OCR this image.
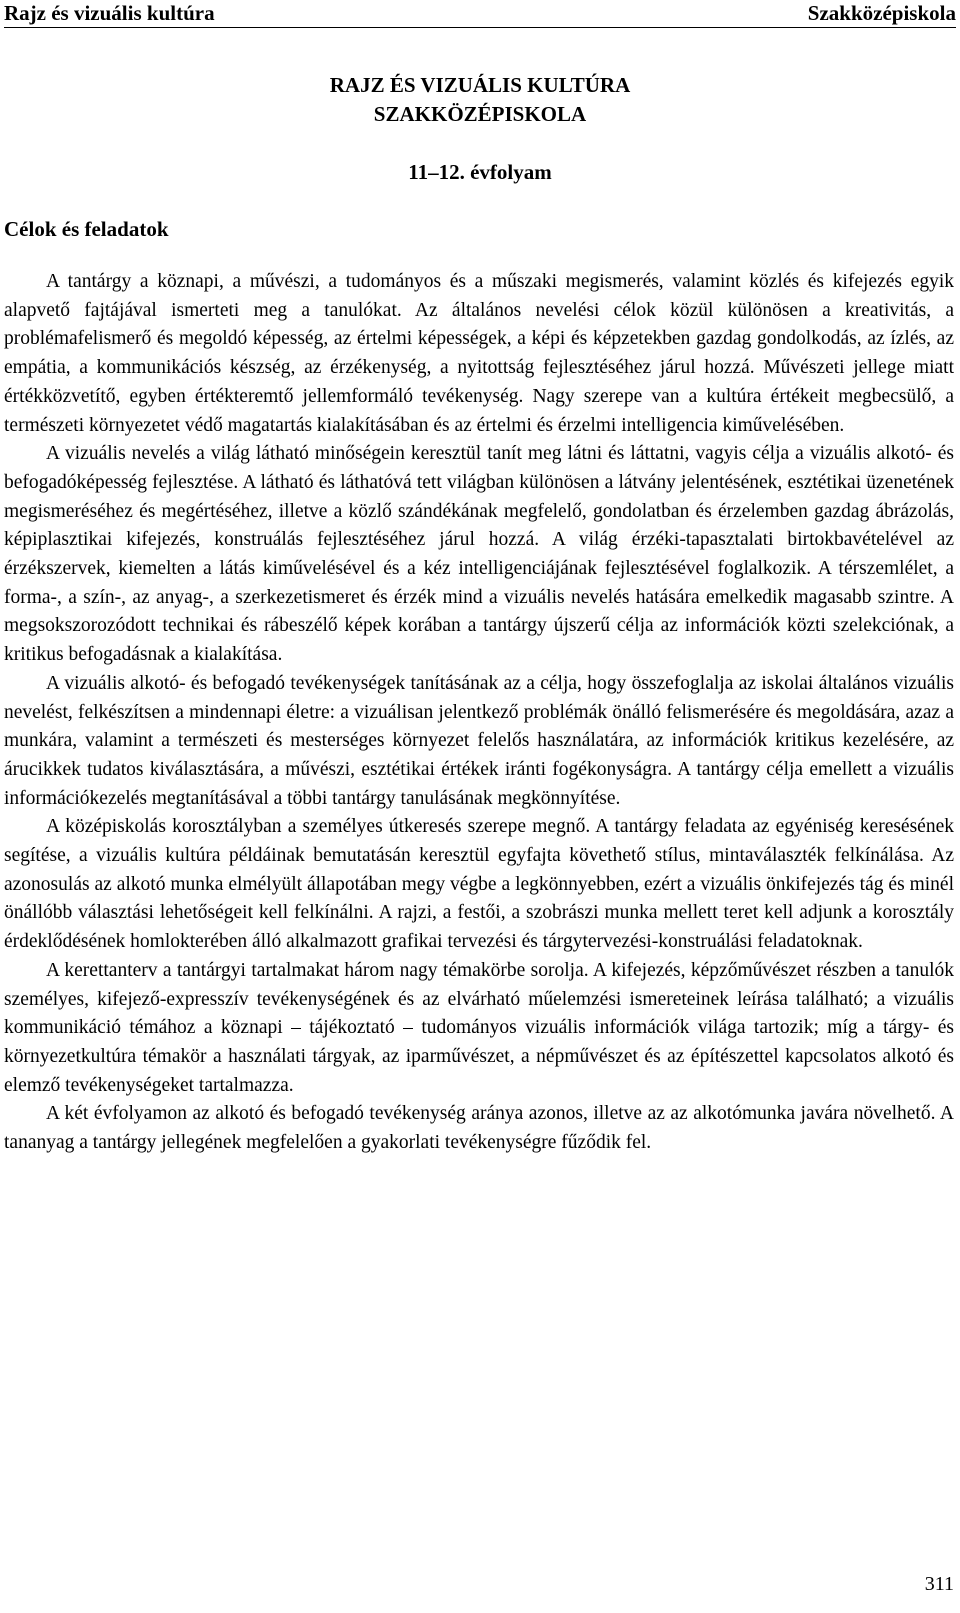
Rajz és vizuális kultúra	Szakközépiskola
RAJZ ÉS VIZUÁLIS KULTÚRA
SZAKKÖZÉPISKOLA
11–12. évfolyam
Célok és feladatok

A tantárgy a köznapi, a művészi, a tudományos és a műszaki megismerés, valamint közlés és kifejezés egyik alapvető fajtájával ismerteti meg a tanulókat. Az általános nevelési célok közül különösen a kreativitás, a problémafelismerő és megoldó képesség, az értelmi képességek, a képi és képzetekben gazdag gondolkodás, az ízlés, az empátia, a kommunikációs készség, az érzékenység, a nyitottság fejlesztéséhez járul hozzá. Művészeti jellege miatt értékközvetítő, egyben értékteremtő jellemformáló tevékenység. Nagy szerepe van a kultúra értékeit megbecsülő, a természeti környezetet védő magatartás kialakításában és az értelmi és érzelmi intelligencia kiművelésében.

A vizuális nevelés a világ látható minőségein keresztül tanít meg látni és láttatni, vagyis célja a vizuális alkotó- és befogadóképesség fejlesztése. A látható és láthatóvá tett világban különösen a látvány jelentésének, esztétikai üzenetének megismeréséhez és megértéséhez, illetve a közlő szándékának megfelelő, gondolatban és érzelemben gazdag ábrázolás, képiplasztikai kifejezés, konstruálás fejlesztéséhez járul hozzá. A világ érzéki-tapasztalati birtokbavételével az érzékszervek, kiemelten a látás kiművelésével és a kéz intelligenciájának fejlesztésével foglalkozik. A térszemlélet, a forma-, a szín-, az anyag-, a szerkezetismeret és érzék mind a vizuális nevelés hatására emelkedik magasabb szintre. A megsokszorozódott technikai és rábeszélő képek korában a tantárgy újszerű célja az információk közti szelekciónak, a kritikus befogadásnak a kialakítása.

A vizuális alkotó- és befogadó tevékenységek tanításának az a célja, hogy összefoglalja az iskolai általános vizuális nevelést, felkészítsen a mindennapi életre: a vizuálisan jelentkező problémák önálló felismerésére és megoldására, azaz a munkára, valamint a természeti és mesterséges környezet felelős használatára, az információk kritikus kezelésére, az árucikkek tudatos kiválasztására, a művészi, esztétikai értékek iránti fogékonyságra. A tantárgy célja emellett a vizuális információkezelés megtanításával a többi tantárgy tanulásának megkönnyítése.

A középiskolás korosztályban a személyes útkeresés szerepe megnő. A tantárgy feladata az egyéniség keresésének segítése, a vizuális kultúra példáinak bemutatásán keresztül egyfajta követhető stílus, mintaválaszték felkínálása. Az azonosulás az alkotó munka elmélyült állapotában megy végbe a legkönnyebben, ezért a vizuális önkifejezés tág és minél önállóbb választási lehetőségeit kell felkínálni. A rajzi, a festői, a szobrászi munka mellett teret kell adjunk a korosztály érdeklődésének homlokterében álló alkalmazott grafikai tervezési és tárgytervezési-konstruálási feladatoknak.

A kerettanterv a tantárgyi tartalmakat három nagy témakörbe sorolja. A kifejezés, képzőművészet részben a tanulók személyes, kifejező-expresszív tevékenységének és az elvárható műelemzési ismereteinek leírása található; a vizuális kommunikáció témához a köznapi – tájékoztató – tudományos vizuális információk világa tartozik; míg a tárgy- és környezetkultúra témakör a használati tárgyak, az iparművészet, a népművészet és az építészettel kapcsolatos alkotó és elemző tevékenységeket tartalmazza.

A két évfolyamon az alkotó és befogadó tevékenység aránya azonos, illetve az az alkotómunka javára növelhető. A tananyag a tantárgy jellegének megfelelően a gyakorlati tevékenységre fűződik fel.

311
